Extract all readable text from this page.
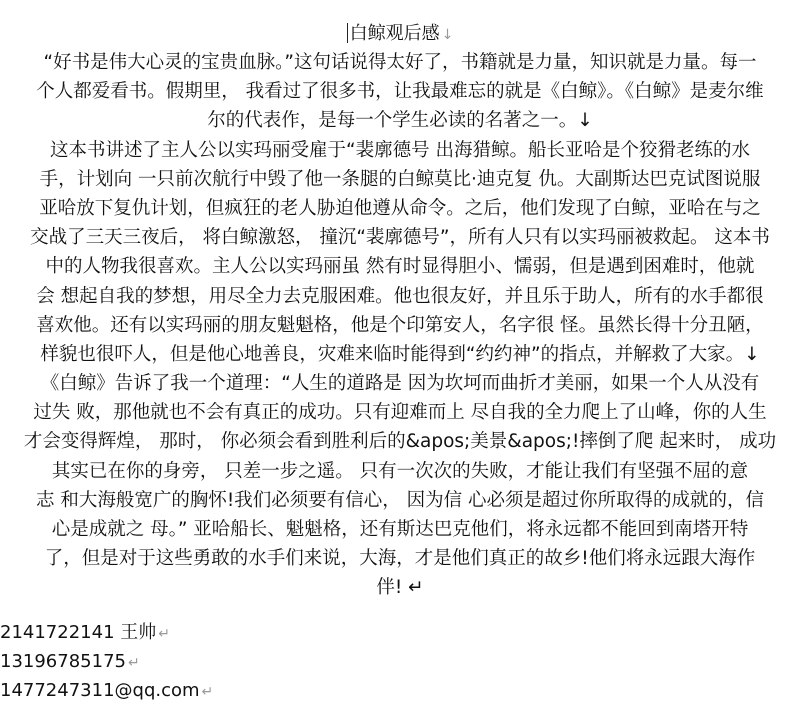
白鲸观后感 ↓
“好书是伟大心灵的宝贵血脉。”这句话说得太好了，书籍就是力量，知识就是力量。每一
个人都爱看书。假期里， 我看过了很多书，让我最难忘的就是《白鲸》。《白鲸》是麦尔维
尔的代表作，是每一个学生必读的名著之一。↓
这本书讲述了主人公以实玛丽受雇于“裴廓德号 出海猎鲸。船长亚哈是个狡猾老练的水
手，计划向 一只前次航行中毁了他一条腿的白鲸莫比·迪克复 仇。大副斯达巴克试图说服
亚哈放下复仇计划，但疯狂的老人胁迫他遵从命令。之后，他们发现了白鲸，亚哈在与之
交战了三天三夜后， 将白鲸激怒， 撞沉“裴廓德号”，所有人只有以实玛丽被救起。 这本书
中的人物我很喜欢。主人公以实玛丽虽 然有时显得胆小、懦弱，但是遇到困难时，他就
会 想起自我的梦想，用尽全力去克服困难。他也很友好，并且乐于助人，所有的水手都很
喜欢他。还有以实玛丽的朋友魁魁格，他是个印第安人，名字很 怪。虽然长得十分丑陋，
样貌也很吓人，但是他心地善良，灾难来临时能得到“约约神”的指点，并解救了大家。↓
《白鲸》告诉了我一个道理：“人生的道路是 因为坎坷而曲折才美丽，如果一个人从没有
过失 败，那他就也不会有真正的成功。只有迎难而上 尽自我的全力爬上了山峰，你的人生
才会变得辉煌， 那时， 你必须会看到胜利后的&apos;美景&apos;!摔倒了爬 起来时， 成功
其实已在你的身旁， 只差一步之遥。 只有一次次的失败，才能让我们有坚强不屈的意
志 和大海般宽广的胸怀!我们必须要有信心， 因为信 心必须是超过你所取得的成就的，信
心是成就之 母。” 亚哈船长、魁魁格，还有斯达巴克他们，将永远都不能回到南塔开特
了，但是对于这些勇敢的水手们来说，大海，才是他们真正的故乡!他们将永远跟大海作
伴! ↵
2141722141 王帅 ↵
13196785175 ↵
1477247311@qq.com ↵
